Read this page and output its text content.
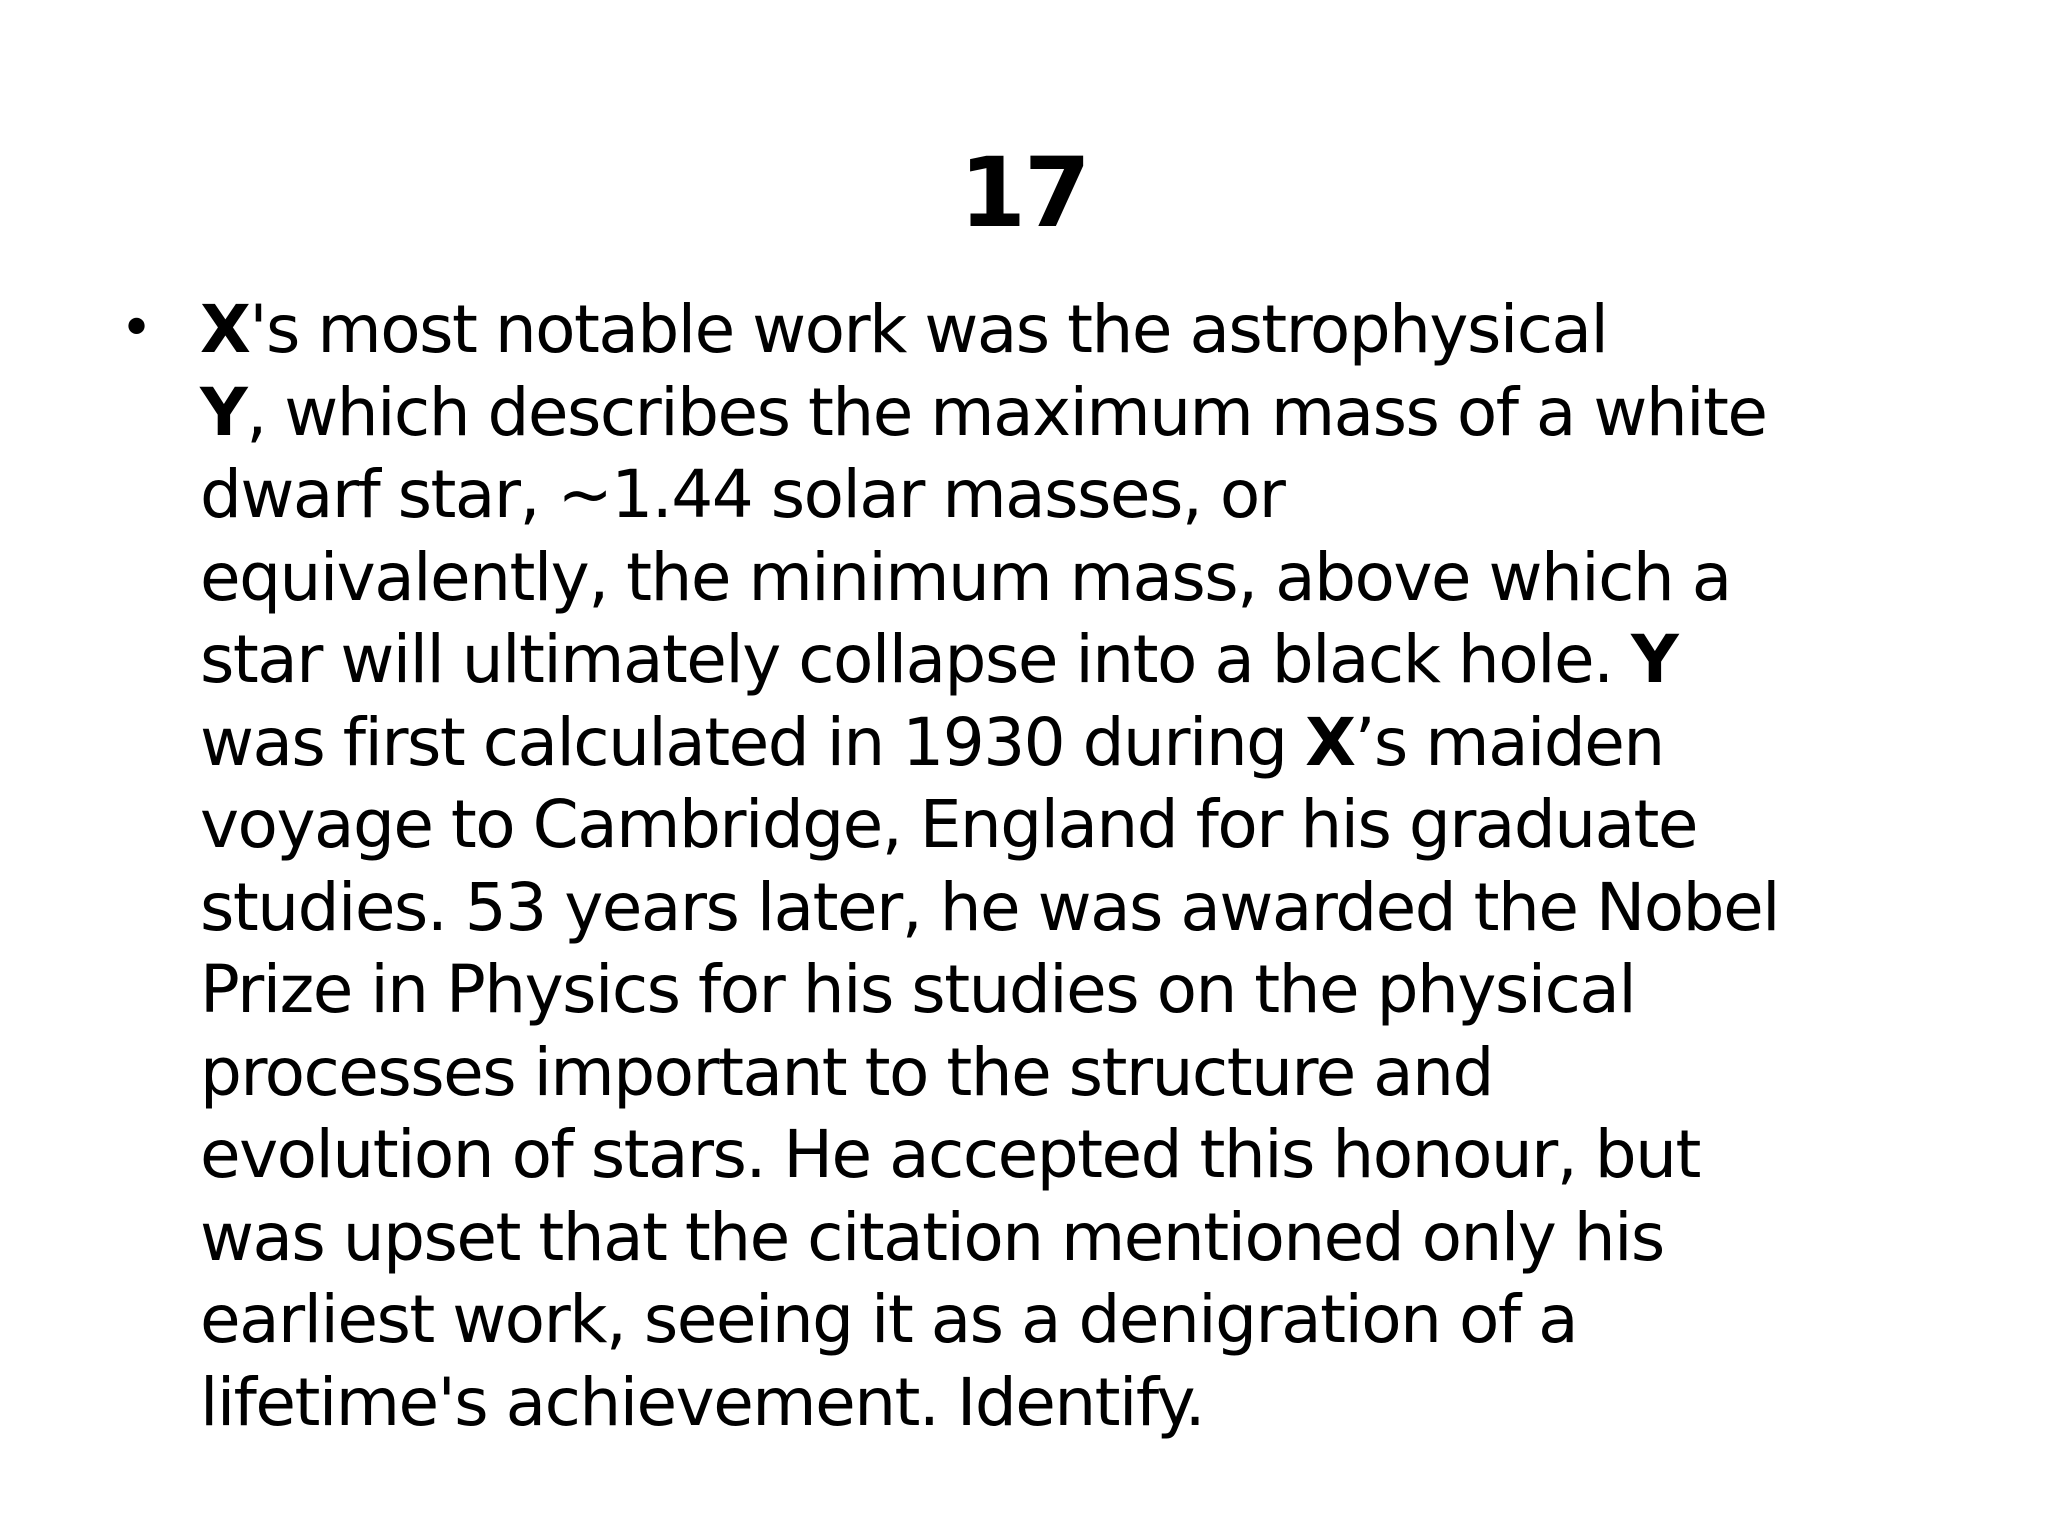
17
• X's most notable work was the astrophysical
Y, which describes the maximum mass of a white
dwarf star, ~1.44 solar masses, or
equivalently, the minimum mass, above which a
star will ultimately collapse into a black hole. Y
was first calculated in 1930 during X’s maiden
voyage to Cambridge, England for his graduate
studies. 53 years later, he was awarded the Nobel
Prize in Physics for his studies on the physical
processes important to the structure and
evolution of stars. He accepted this honour, but
was upset that the citation mentioned only his
earliest work, seeing it as a denigration of a
lifetime's achievement. Identify.
